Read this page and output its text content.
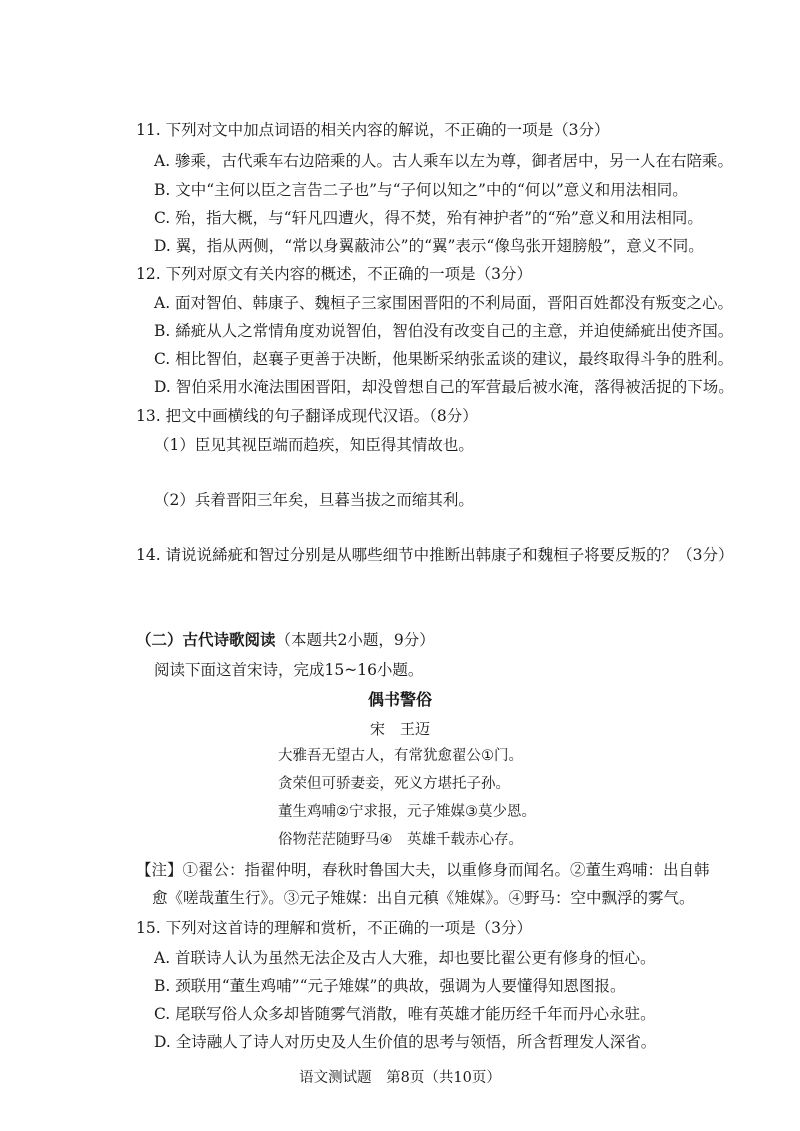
11. 下列对文中加点词语的相关内容的解说，不正确的一项是（3分）
A. 骖乘，古代乘车右边陪乘的人。古人乘车以左为尊，御者居中，另一人在右陪乘。
B. 文中“主何以臣之言告二子也”与“子何以知之”中的“何以”意义和用法相同。
C. 殆，指大概，与“轩凡四遭火，得不焚，殆有神护者”的“殆”意义和用法相同。
D. 翼，指从两侧，“常以身翼蔽沛公”的“翼”表示“像鸟张开翅膀般”，意义不同。
12. 下列对原文有关内容的概述，不正确的一项是（3分）
A. 面对智伯、韩康子、魏桓子三家围困晋阳的不利局面，晋阳百姓都没有叛变之心。
B. 絺疵从人之常情角度劝说智伯，智伯没有改变自己的主意，并迫使絺疵出使齐国。
C. 相比智伯，赵襄子更善于决断，他果断采纳张孟谈的建议，最终取得斗争的胜利。
D. 智伯采用水淹法围困晋阳，却没曾想自己的军营最后被水淹，落得被活捉的下场。
13. 把文中画横线的句子翻译成现代汉语。（8分）
（1）臣见其视臣端而趋疾，知臣得其情故也。
（2）兵着晋阳三年矣，旦暮当拔之而缩其利。
14. 请说说絺疵和智过分别是从哪些细节中推断出韩康子和魏桓子将要反叛的？（3分）
（二）古代诗歌阅读（本题共2小题，9分）
阅读下面这首宋诗，完成15~16小题。
偶书警俗
宋　王迈
大雅吾无望古人，有常犹愈翟公①门。
贪荣但可骄妻妾，死义方堪托子孙。
董生鸡哺②宁求报，元子雉媒③莫少恩。
俗物茫茫随野马④　英雄千载赤心存。
【注】①翟公：指翟仲明，春秋时鲁国大夫，以重修身而闻名。②董生鸡哺：出自韩
愈《嗟哉董生行》。③元子雉媒：出自元稹《雉媒》。④野马：空中飘浮的雾气。
15. 下列对这首诗的理解和赏析，不正确的一项是（3分）
A. 首联诗人认为虽然无法企及古人大雅，却也要比翟公更有修身的恒心。
B. 颈联用“董生鸡哺”“元子雉媒”的典故，强调为人要懂得知恩图报。
C. 尾联写俗人众多却皆随雾气消散，唯有英雄才能历经千年而丹心永驻。
D. 全诗融人了诗人对历史及人生价值的思考与领悟，所含哲理发人深省。
语文测试题　第8页（共10页）
